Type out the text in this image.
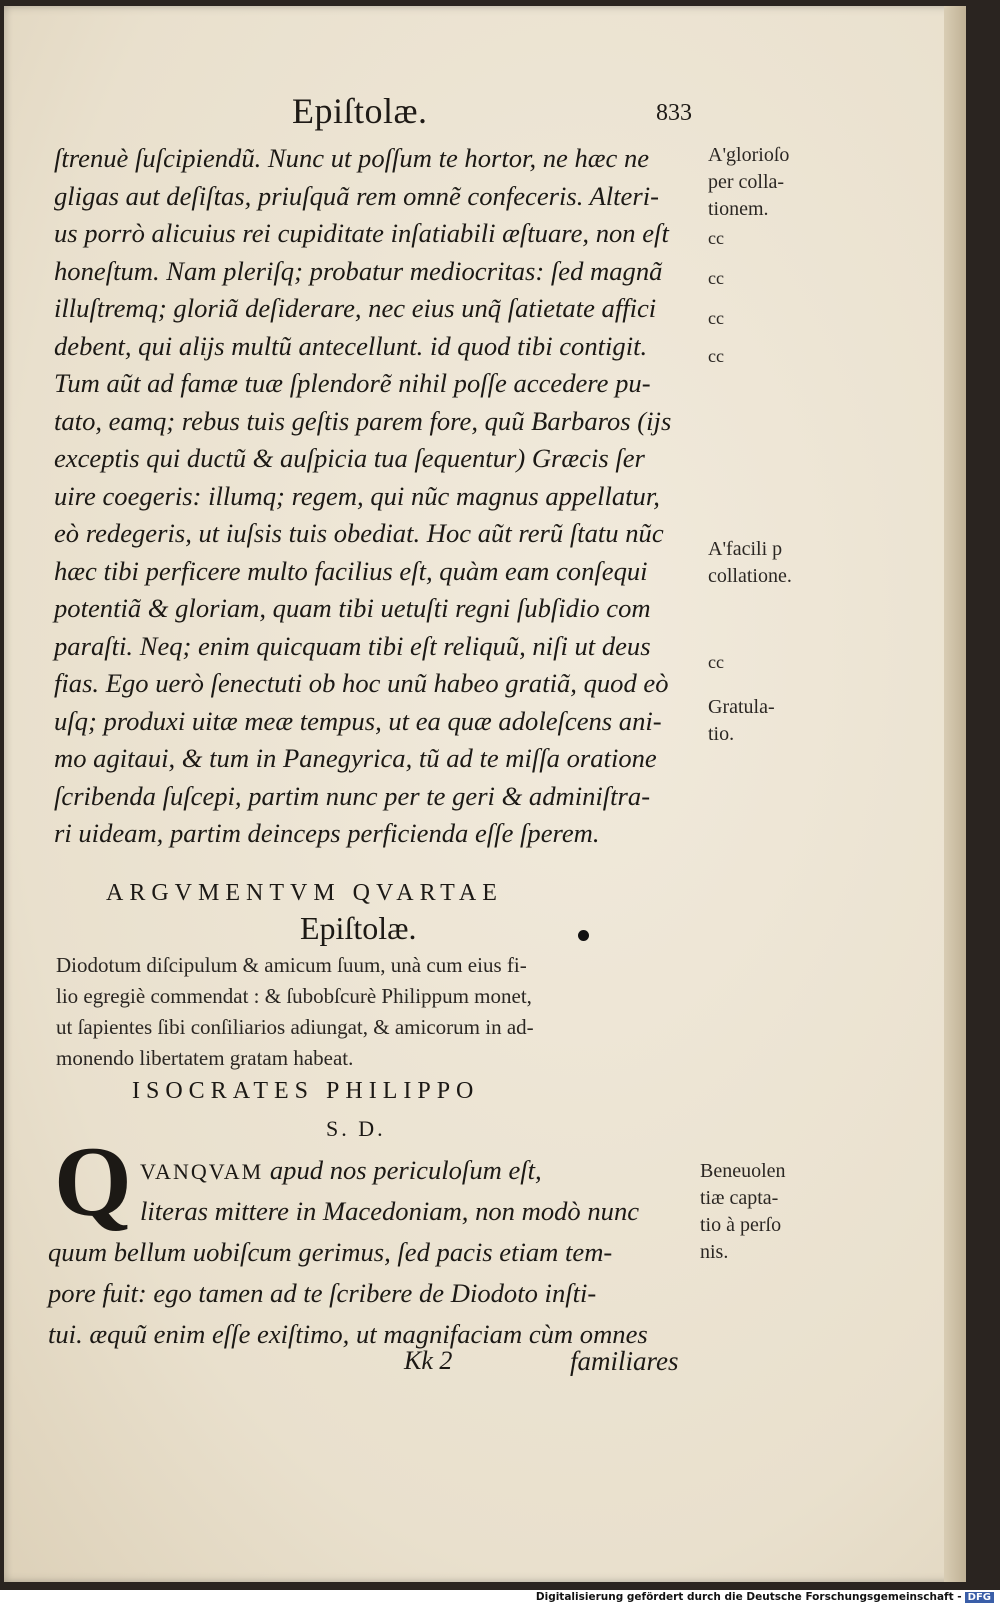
Epiſtolæ.	833
ſtrenuè ſuſcipiendũ. Nunc ut poſſum te hortor, ne hæc ne
gligas aut deſiſtas, priuſquã rem omnẽ confeceris. Alteri-
us porrò alicuius rei cupiditate inſatiabili æſtuare, non eſt
honeſtum. Nam pleriſq; probatur mediocritas: ſed magnã
illuſtremq; gloriã deſiderare, nec eius unq̃ ſatietate affici
debent, qui alijs multũ antecellunt. id quod tibi contigit.
Tum aũt ad famæ tuæ ſplendorẽ nihil poſſe accedere pu-
tato, eamq; rebus tuis geſtis parem fore, quũ Barbaros (ijs
exceptis qui ductũ & auſpicia tua ſequentur) Græcis ſer
uire coegeris: illumq; regem, qui nũc magnus appellatur,
eò redegeris, ut iuſsis tuis obediat. Hoc aũt rerũ ſtatu nũc
hæc tibi perficere multo facilius eſt, quàm eam conſequi
potentiã & gloriam, quam tibi uetuſti regni ſubſidio com
paraſti. Neq; enim quicquam tibi eſt reliquũ, niſi ut deus
fias. Ego uerò ſenectuti ob hoc unũ habeo gratiã, quod eò
uſq; produxi uitæ meæ tempus, ut ea quæ adoleſcens ani-
mo agitaui, & tum in Panegyrica, tũ ad te miſſa oratione
ſcribenda ſuſcepi, partim nunc per te geri & adminiſtra-
ri uideam, partim deinceps perficienda eſſe ſperem.
ARGVMENTVM QVARTAE
Epiſtolæ.
Diodotum diſcipulum & amicum ſuum, unà cum eius fi-
lio egregiè commendat : & ſubobſcurè Philippum monet,
ut ſapientes ſibi conſiliarios adiungat, & amicorum in ad-
monendo libertatem gratam habeat.
ISOCRATES PHILIPPO
S. D.
Q VANQVAM apud nos periculoſum eſt,
literas mittere in Macedoniam, non modò nunc
quum bellum uobiſcum gerimus, ſed pacis etiam tem-
pore fuit: ego tamen ad te ſcribere de Diodoto inſti-
tui. æquũ enim eſſe exiſtimo, ut magnifaciam cùm omnes
Kk 2	familiares
A'glorioſo
per colla-
tionem.
A'facili p
collatione.
Gratula-
tio.
Beneuolen
tiæ capta-
tio à perſo
nis.
cc
cc
cc
cc
cc
Digitalisierung gefördert durch die Deutsche Forschungsgemeinschaft - DFG
